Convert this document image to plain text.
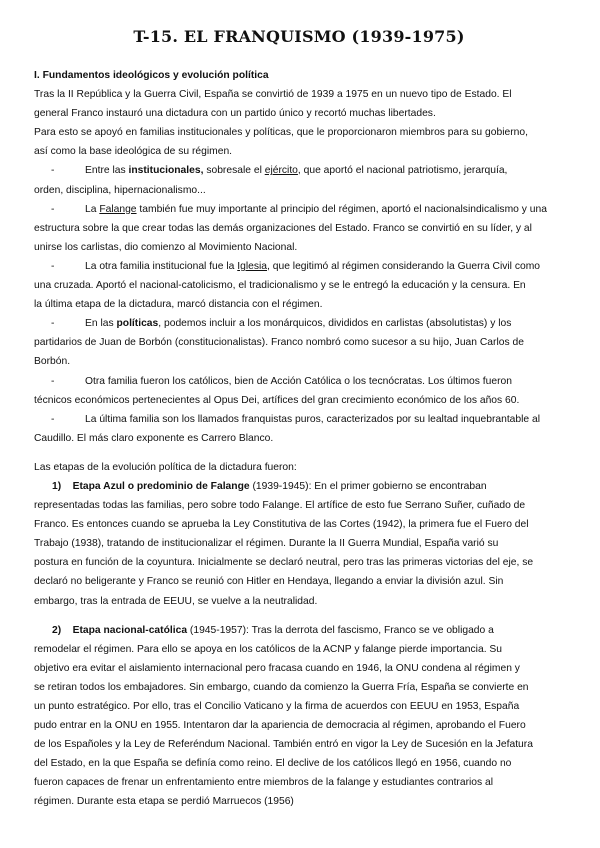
T-15. EL FRANQUISMO (1939-1975)

I. Fundamentos ideológicos y evolución política

Tras la II República y la Guerra Civil, España se convirtió de 1939 a 1975 en un nuevo tipo de Estado. El

general Franco instauró una dictadura con un partido único y recortó muchas libertades.

Para esto se apoyó en familias institucionales y políticas, que le proporcionaron miembros para su gobierno,

así como la base ideológica de su régimen.

-	Entre las institucionales, sobresale el ejército, que aportó el nacional patriotismo, jerarquía,

orden, disciplina, hipernacionalismo...

-	La Falange también fue muy importante al principio del régimen, aportó el nacionalsindicalismo y una

estructura sobre la que crear todas las demás organizaciones del Estado. Franco se convirtió en su líder, y al

unirse los carlistas, dio comienzo al Movimiento Nacional.

-	La otra familia institucional fue la Iglesia, que legitimó al régimen considerando la Guerra Civil como

una cruzada. Aportó el nacional-catolicismo, el tradicionalismo y se le entregó la educación y la censura. En

la última etapa de la dictadura, marcó distancia con el régimen.

-	En las políticas, podemos incluir a los monárquicos, divididos en carlistas (absolutistas) y los

partidarios de Juan de Borbón (constitucionalistas). Franco nombró como sucesor a su hijo, Juan Carlos de

Borbón.

-	Otra familia fueron los católicos, bien de Acción Católica o los tecnócratas. Los últimos fueron

técnicos económicos pertenecientes al Opus Dei, artífices del gran crecimiento económico de los años 60.

-	La última familia son los llamados franquistas puros, caracterizados por su lealtad inquebrantable al

Caudillo. El más claro exponente es Carrero Blanco.

Las etapas de la evolución política de la dictadura fueron:

1) Etapa Azul o predominio de Falange (1939-1945): En el primer gobierno se encontraban

representadas todas las familias, pero sobre todo Falange. El artífice de esto fue Serrano Suñer, cuñado de

Franco. Es entonces cuando se aprueba la Ley Constitutiva de las Cortes (1942), la primera fue el Fuero del

Trabajo (1938), tratando de institucionalizar el régimen. Durante la II Guerra Mundial, España varió su

postura en función de la coyuntura. Inicialmente se declaró neutral, pero tras las primeras victorias del eje, se

declaró no beligerante y Franco se reunió con Hitler en Hendaya, llegando a enviar la división azul. Sin

embargo, tras la entrada de EEUU, se vuelve a la neutralidad.

2) Etapa nacional-católica (1945-1957): Tras la derrota del fascismo, Franco se ve obligado a

remodelar el régimen. Para ello se apoya en los católicos de la ACNP y falange pierde importancia. Su

objetivo era evitar el aislamiento internacional pero fracasa cuando en 1946, la ONU condena al régimen y

se retiran todos los embajadores. Sin embargo, cuando da comienzo la Guerra Fría, España se convierte en

un punto estratégico. Por ello, tras el Concilio Vaticano y la firma de acuerdos con EEUU en 1953, España

pudo entrar en la ONU en 1955. Intentaron dar la apariencia de democracia al régimen, aprobando el Fuero

de los Españoles y la Ley de Referéndum Nacional. También entró en vigor la Ley de Sucesión en la Jefatura

del Estado, en la que España se definía como reino. El declive de los católicos llegó en 1956, cuando no

fueron capaces de frenar un enfrentamiento entre miembros de la falange y estudiantes contrarios al

régimen. Durante esta etapa se perdió Marruecos (1956)
